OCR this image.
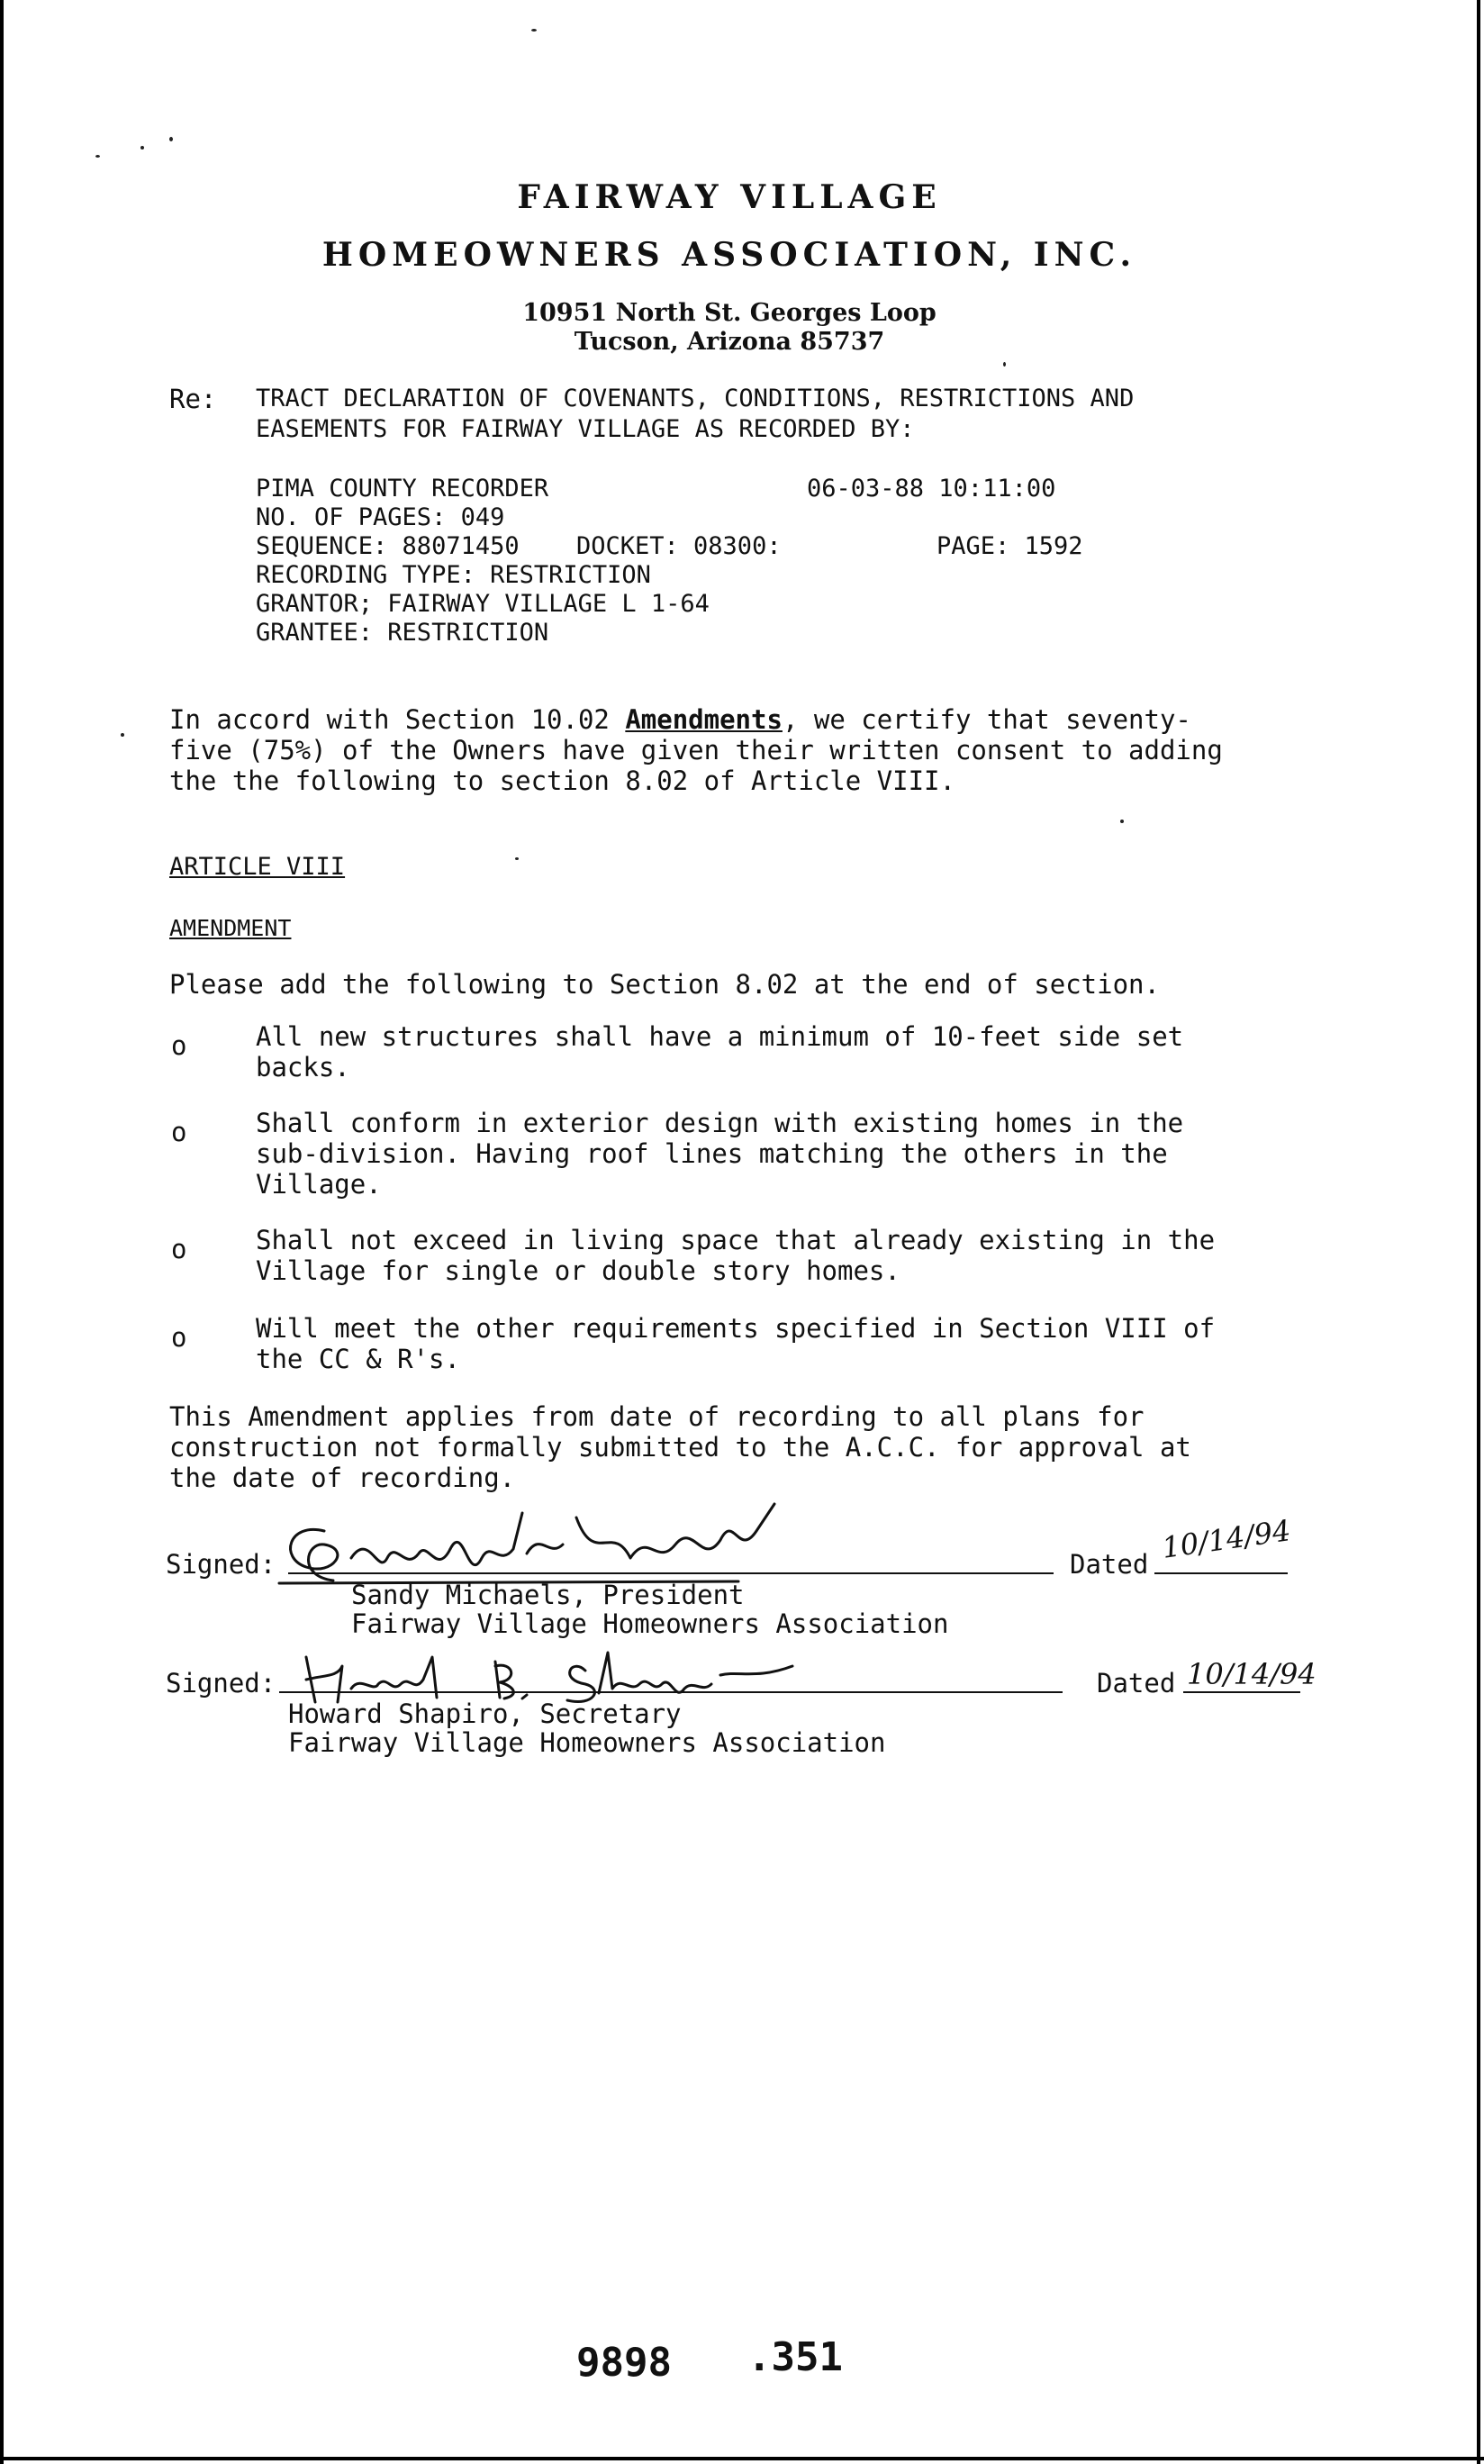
FAIRWAY VILLAGE
HOMEOWNERS ASSOCIATION, INC.
10951 North St. Georges Loop
Tucson, Arizona 85737
Re: TRACT DECLARATION OF COVENANTS, CONDITIONS, RESTRICTIONS AND
EASEMENTS FOR FAIRWAY VILLAGE AS RECORDED BY:
PIMA COUNTY RECORDER	06-03-88 10:11:00
NO. OF PAGES: 049
SEQUENCE: 88071450 DOCKET: 08300:	PAGE: 1592
RECORDING TYPE: RESTRICTION
GRANTOR; FAIRWAY VILLAGE L 1-64
GRANTEE: RESTRICTION
In accord with Section 10.02 Amendments, we certify that seventy-
five (75%) of the Owners have given their written consent to adding
the the following to section 8.02 of Article VIII.
ARTICLE VIII
AMENDMENT
Please add the following to Section 8.02 at the end of section.
o	All new structures shall have a minimum of 10-feet side set
backs.
o	Shall conform in exterior design with existing homes in the
sub-division. Having roof lines matching the others in the
Village.
o	Shall not exceed in living space that already existing in the
Village for single or double story homes.
o	Will meet the other requirements specified in Section VIII of
the CC & R's.
This Amendment applies from date of recording to all plans for
construction not formally submitted to the A.C.C. for approval at
the date of recording.
Signed:	Dated 10/14/94
Sandy Michaels, President
Fairway Village Homeowners Association
Signed:	Dated 10/14/94
Howard Shapiro, Secretary
Fairway Village Homeowners Association
9898 .351
